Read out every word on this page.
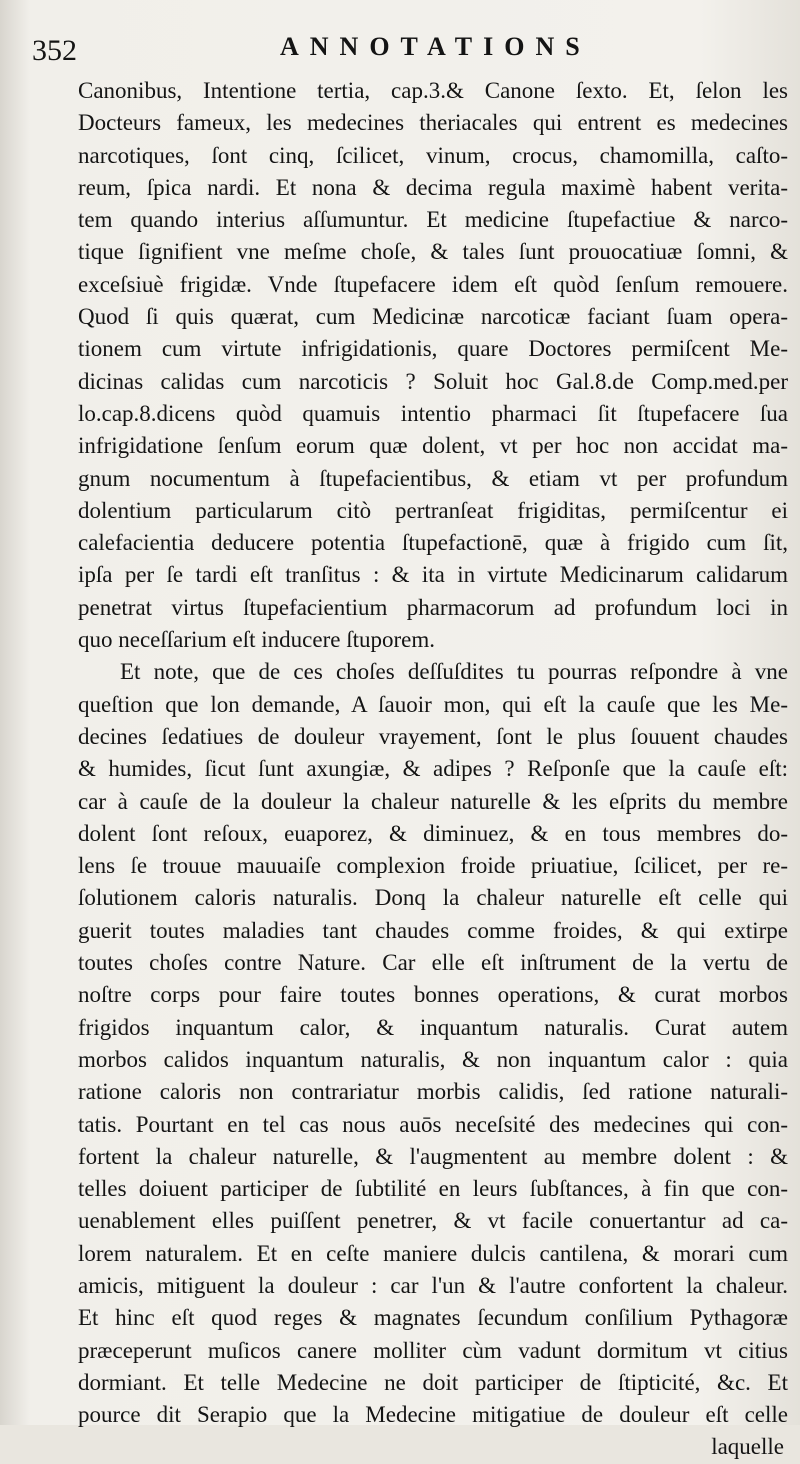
352	ANNOTATIONS
Canonibus, Intentione tertia, cap.3.& Canone ſexto. Et, ſelon les
Docteurs fameux, les medecines theriacales qui entrent es medecines
narcotiques, ſont cinq, ſcilicet, vinum, crocus, chamomilla, caſto-
reum, ſpica nardi. Et nona & decima regula maximè habent verita-
tem quando interius aſſumuntur. Et medicine ſtupefactiue & narco-
tique ſignifient vne meſme choſe, & tales ſunt prouocatiuæ ſomni, &
exceſsiuè frigidæ. Vnde ſtupefacere idem eſt quòd ſenſum remouere.
Quod ſi quis quærat, cum Medicinæ narcoticæ faciant ſuam opera-
tionem cum virtute infrigidationis, quare Doctores permiſcent Me-
dicinas calidas cum narcoticis ? Soluit hoc Gal.8.de Comp.med.per
lo.cap.8.dicens quòd quamuis intentio pharmaci ſit ſtupefacere ſua
infrigidatione ſenſum eorum quæ dolent, vt per hoc non accidat ma-
gnum nocumentum à ſtupefacientibus, & etiam vt per profundum
dolentium particularum citò pertranſeat frigiditas, permiſcentur ei
calefacientia deducere potentia ſtupefactionē, quæ à frigido cum ſit,
ipſa per ſe tardi eſt tranſitus : & ita in virtute Medicinarum calidarum
penetrat virtus ſtupefacientium pharmacorum ad profundum loci in
quo neceſſarium eſt inducere ſtuporem.
Et note, que de ces choſes deſſuſdites tu pourras reſpondre à vne
queſtion que lon demande, A ſauoir mon, qui eſt la cauſe que les Me-
decines ſedatiues de douleur vrayement, ſont le plus ſouuent chaudes
& humides, ſicut ſunt axungiæ, & adipes ? Reſponſe que la cauſe eſt:
car à cauſe de la douleur la chaleur naturelle & les eſprits du membre
dolent ſont reſoux, euaporez, & diminuez, & en tous membres do-
lens ſe trouue mauuaiſe complexion froide priuatiue, ſcilicet, per re-
ſolutionem caloris naturalis. Donq la chaleur naturelle eſt celle qui
guerit toutes maladies tant chaudes comme froides, & qui extirpe
toutes choſes contre Nature. Car elle eſt inſtrument de la vertu de
noſtre corps pour faire toutes bonnes operations, & curat morbos
frigidos inquantum calor, & inquantum naturalis. Curat autem
morbos calidos inquantum naturalis, & non inquantum calor : quia
ratione caloris non contrariatur morbis calidis, ſed ratione naturali-
tatis. Pourtant en tel cas nous auōs neceſsité des medecines qui con-
fortent la chaleur naturelle, & l'augmentent au membre dolent : &
telles doiuent participer de ſubtilité en leurs ſubſtances, à fin que con-
uenablement elles puiſſent penetrer, & vt facile conuertantur ad ca-
lorem naturalem. Et en ceſte maniere dulcis cantilena, & morari cum
amicis, mitiguent la douleur : car l'un & l'autre confortent la chaleur.
Et hinc eſt quod reges & magnates ſecundum conſilium Pythagoræ
præceperunt muſicos canere molliter cùm vadunt dormitum vt citius
dormiant. Et telle Medecine ne doit participer de ſtipticité, &c. Et
pource dit Serapio que la Medecine mitigatiue de douleur eſt celle
laquelle
